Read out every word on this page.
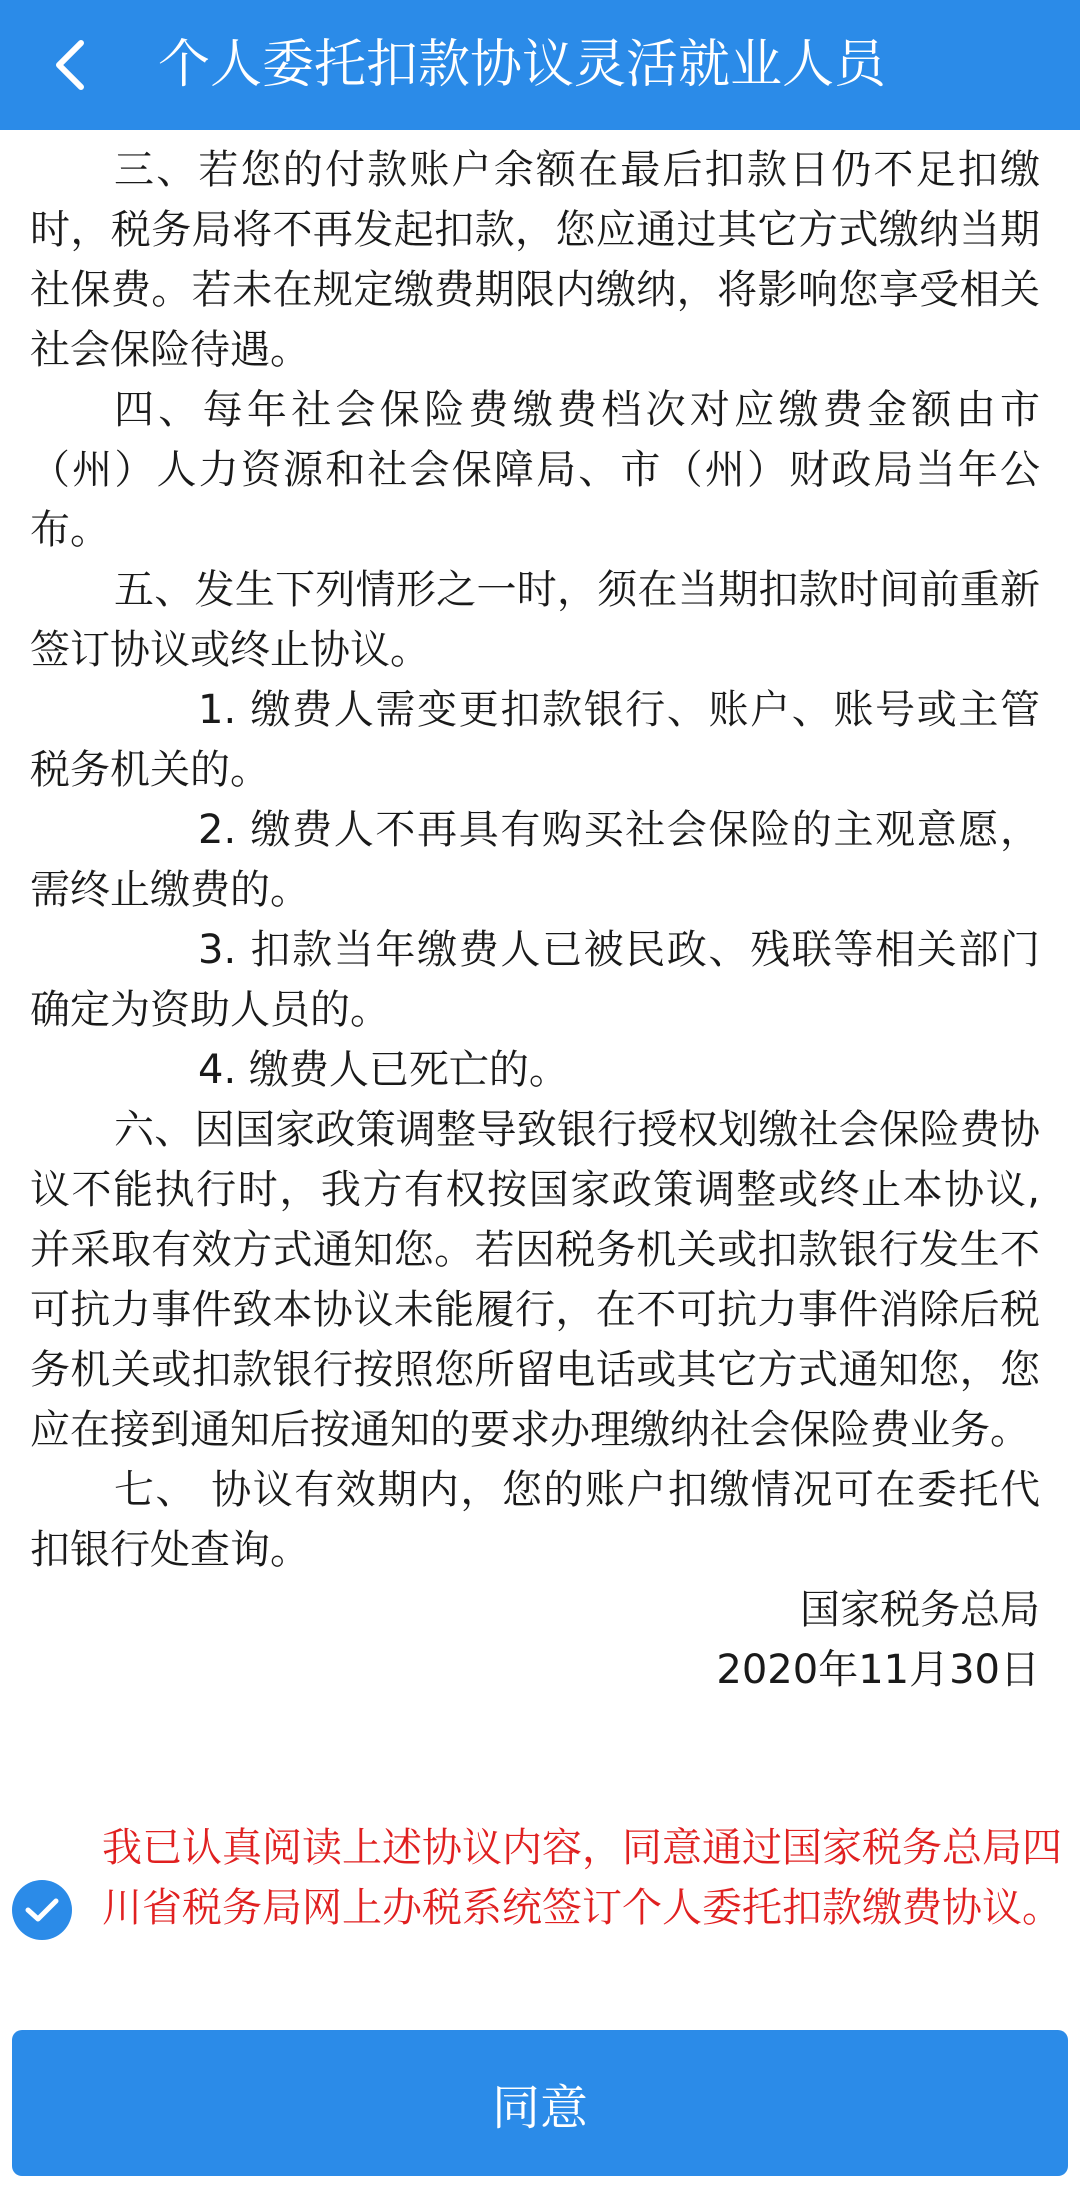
个人委托扣款协议灵活就业人员

三、若您的付款账户余额在最后扣款日仍不足扣缴时，税务局将不再发起扣款，您应通过其它方式缴纳当期社保费。若未在规定缴费期限内缴纳，将影响您享受相关社会保险待遇。

四、每年社会保险费缴费档次对应缴费金额由市（州）人力资源和社会保障局、市（州）财政局当年公布。

五、发生下列情形之一时，须在当期扣款时间前重新签订协议或终止协议。

1. 缴费人需变更扣款银行、账户、账号或主管税务机关的。

2. 缴费人不再具有购买社会保险的主观意愿，需终止缴费的。

3. 扣款当年缴费人已被民政、残联等相关部门确定为资助人员的。

4. 缴费人已死亡的。

六、因国家政策调整导致银行授权划缴社会保险费协议不能执行时，我方有权按国家政策调整或终止本协议,并采取有效方式通知您。若因税务机关或扣款银行发生不可抗力事件致本协议未能履行，在不可抗力事件消除后税务机关或扣款银行按照您所留电话或其它方式通知您，您应在接到通知后按通知的要求办理缴纳社会保险费业务。

七、 协议有效期内，您的账户扣缴情况可在委托代扣银行处查询。

国家税务总局

2020年11月30日

我已认真阅读上述协议内容，同意通过国家税务总局四川省税务局网上办税系统签订个人委托扣款缴费协议。
同意
